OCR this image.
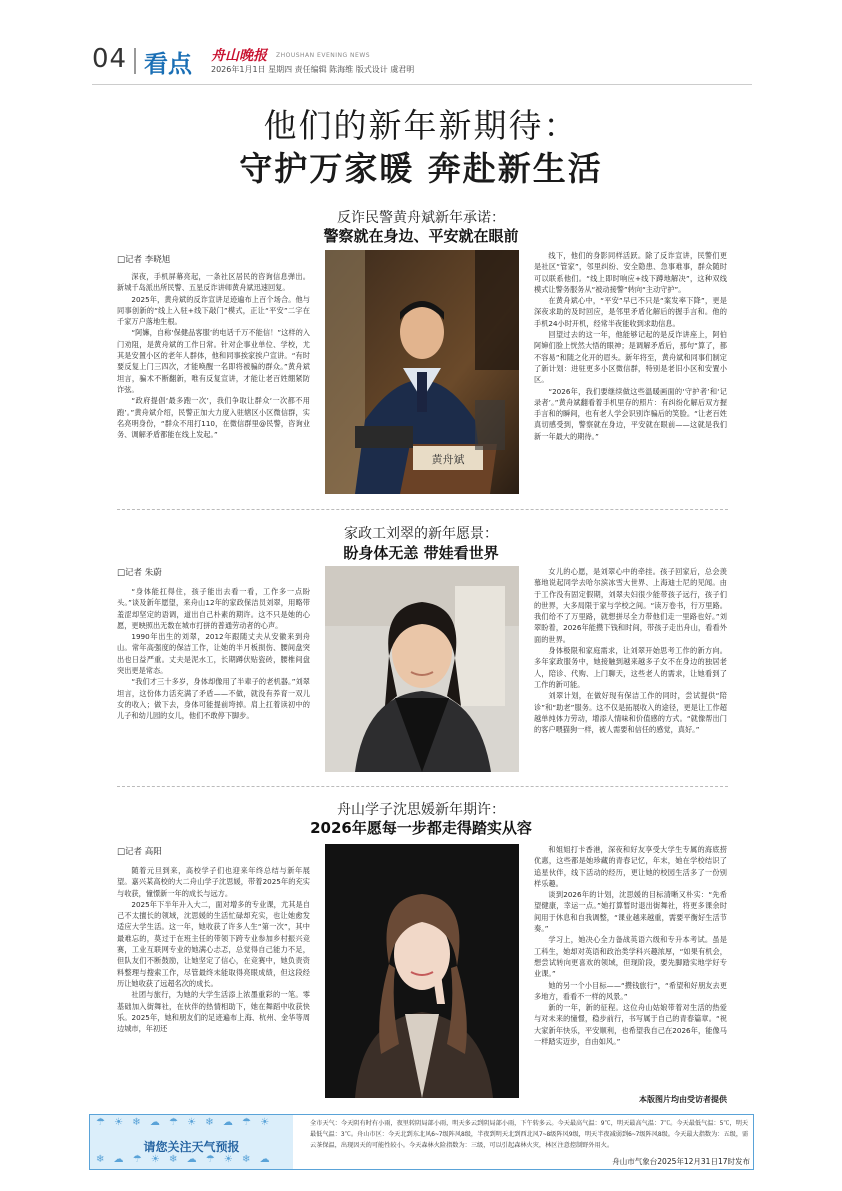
04 看点 舟山晚报 ZHOUSHAN EVENING NEWS
2026年1月1日 星期四 责任编辑 陈海维 版式设计 虞君明
他们的新年新期待：
守护万家暖 奔赴新生活
反诈民警黄舟斌新年承诺：
警察就在身边、平安就在眼前
□记者 李晓旭

深夜，手机屏幕亮起，一条社区居民的咨询信息弹出。新城千岛派出所民警、五星反诈讲师黄舟斌迅速回复。

2025年，黄舟斌的反诈宣讲足迹遍布上百个场合。他与同事创新的“线上入驻+线下敲门”模式，正让“平安”二字在千家万户落地生根。

“阿嫲，自称‘保健品客服’的电话千万不能信！”这样的入门劝阻，是黄舟斌的工作日常。针对企事业单位、学校，尤其是安置小区的老年人群体，他和同事挨家挨户宣讲。“有时要反复上门三四次，才能唤醒一名即将被骗的群众。”黄舟斌坦言，骗术不断翻新，唯有反复宣讲，才能让老百姓绷紧防诈弦。

“政府提倡‘最多跑一次’，我们争取让群众‘一次都不用跑’。”黄舟斌介绍，民警正加大力度入驻辖区小区微信群，实名亮明身份，“群众不用打110，在微信群里@民警，咨询业务、调解矛盾都能在线上发起。”

黄舟斌

线下，他们的身影同样活跃。除了反诈宣讲，民警们更是社区“管家”，邻里纠纷、安全隐患、急事难事，群众随时可以联系他们。“线上即时响应+线下蹲地解决”，这种双线模式让警务服务从“被动接警”转向“主动守护”。

在黄舟斌心中，“平安”早已不只是“案发率下降”，更是深夜求助的及时回应，是邻里矛盾化解后的握手言和。他的手机24小时开机，经常半夜能收到求助信息。

回望过去的这一年，他能够记起的是反诈讲座上，阿伯阿婶们脸上恍然大悟的眼神；是调解矛盾后，那句“算了，都不容易”和随之化开的眉头。新年将至，黄舟斌和同事们制定了新计划：进驻更多小区微信群，特别是老旧小区和安置小区。

“2026年，我们要继续做这些温暖画面的‘守护者’和‘记录者’。”黄舟斌翻看着手机里存的照片：有纠纷化解后双方握手言和的瞬间，也有老人学会识别诈骗后的笑脸。“让老百姓真切感受到，警察就在身边，平安就在眼前——这就是我们新一年最大的期待。”

家政工刘翠的新年愿景：
盼身体无恙 带娃看世界
□记者 朱蔚

“身体能扛得住，孩子能出去看一看，工作多一点盼头。”谈及新年愿望，来舟山12年的家政保洁员刘翠，用略带羞涩却坚定的语调，道出自己朴素的期许。这不只是她的心愿，更映照出无数在城市打拼的普通劳动者的心声。

1990年出生的刘翠，2012年跟随丈夫从安徽来到舟山。常年高强度的保洁工作，让她的半月板损伤、腰间盘突出也日益严重。丈夫是泥水工，长期蹲伏贴瓷砖，腰椎间盘突出更是常态。

“我们才三十多岁，身体却像用了半辈子的老机器。”刘翠坦言，这份体力活充满了矛盾——不做，就没有养育一双儿女的收入；做下去，身体可能提前垮掉。肩上扛着读初中的儿子和幼儿园的女儿，他们不敢停下脚步。

女儿的心愿，是刘翠心中的牵挂。孩子回家后，总会羡慕地说起同学去哈尔滨冰雪大世界、上海迪士尼的见闻。由于工作没有固定假期，刘翠夫妇很少能带孩子远行，孩子们的世界，大多局限于家与学校之间。“读万卷书，行万里路。我们给不了万里路，就想拼尽全力带他们走一里路也好。”刘翠盼着，2026年能攒下钱和时间，带孩子走出舟山，看看外面的世界。

身体极限和家庭需求，让刘翠开始思考工作的新方向。多年家政服务中，她接触到越来越多子女不在身边的独居老人，陪诊、代购、上门聊天，这些老人的需求，让她看到了工作的新可能。

刘翠计划，在做好现有保洁工作的同时，尝试提供“陪诊”和“助老”服务。这不仅是拓展收入的途径，更是让工作超越单纯体力劳动，增添人情味和价值感的方式。“就像帮出门的客户喂猫狗一样，被人需要和信任的感觉，真好。”

舟山学子沈思媛新年期许：
2026年愿每一步都走得踏实从容
□记者 高阳

随着元旦到来，高校学子们也迎来年终总结与新年展望。嘉兴某高校的大二舟山学子沈思媛，带着2025年的充实与收获，憧憬新一年的成长与远方。

2025年下半年升入大二，面对增多的专业课，尤其是自己不太擅长的领域，沈思媛的生活忙碌却充实，也让她愈发适应大学生活。这一年，她收获了许多人生“第一次”，其中最难忘的，莫过于在班主任的带领下跨专业参加乡村振兴竞赛，工业互联网专业的她满心忐忑，总觉得自己能力不足，但队友们不断鼓励，让她坚定了信心，在竞赛中，她负责资料整理与搜索工作，尽管最终未能取得亮眼成绩，但这段经历让她收获了远超名次的成长。

社团与旅行，为她的大学生活添上浓墨重彩的一笔。零基础加入街舞社，在伙伴的热情相助下，她在舞蹈中收获快乐。2025年，她和朋友们的足迹遍布上海、杭州、金华等周边城市，年初还

和姐姐打卡香港，深夜和好友享受大学生专属的海底捞优惠，这些都是她珍藏的青春记忆，年末，她在学校结识了追星伙伴，线下活动的经历，更让她的校园生活多了一份别样乐趣。

谈到2026年的计划，沈思媛的目标清晰又朴实：“先希望健康，幸运一点。”她打算暂时退出街舞社，将更多课余时间用于休息和自我调整，“课业越来越重，需要平衡好生活节奏。”

学习上，她决心全力备战英语六级和专升本考试。虽是工科生，她却对英语和政治类学科兴趣浓厚，“如果有机会，想尝试转向更喜欢的领域，但现阶段，要先脚踏实地学好专业课。”

她的另一个小目标——“攒钱旅行”，“希望和好朋友去更多地方，看看不一样的风景。”

新的一年，新的征程。这位舟山姑娘带着对生活的热爱与对未来的憧憬，稳步前行，书写属于自己的青春篇章。“祝大家新年快乐，平安顺利，也希望我自己在2026年，能像马一样踏实迈步，自由如风。”

本版图片均由受访者提供
☂ ☀ ❄ ☁ ☂ ☀ ❄ ☁ ☂ ☀
请您关注天气预报
❄ ☁ ☂ ☀ ❄ ☁ ☂ ☀ ❄ ☁
全市天气：今天阴有时有小雨，夜里转阴局部小雨，明天多云到阴局部小雨，下午转多云。今天最高气温：9℃，明天最高气温：7℃。今天最低气温：5℃，明天最低气温：3℃。舟山市区：今天北到东北风6~7级阵风8级，半夜到明天北到西北风7~8级阵风9级，明天半夜减弱到6~7级阵风8级。今天最大指数为：五级，需云茶保温，出现因天的可能性较小。今天森林火险指数为：三级，可以引起森林火灾，林区注意控制野外用火。
舟山市气象台2025年12月31日17时发布
